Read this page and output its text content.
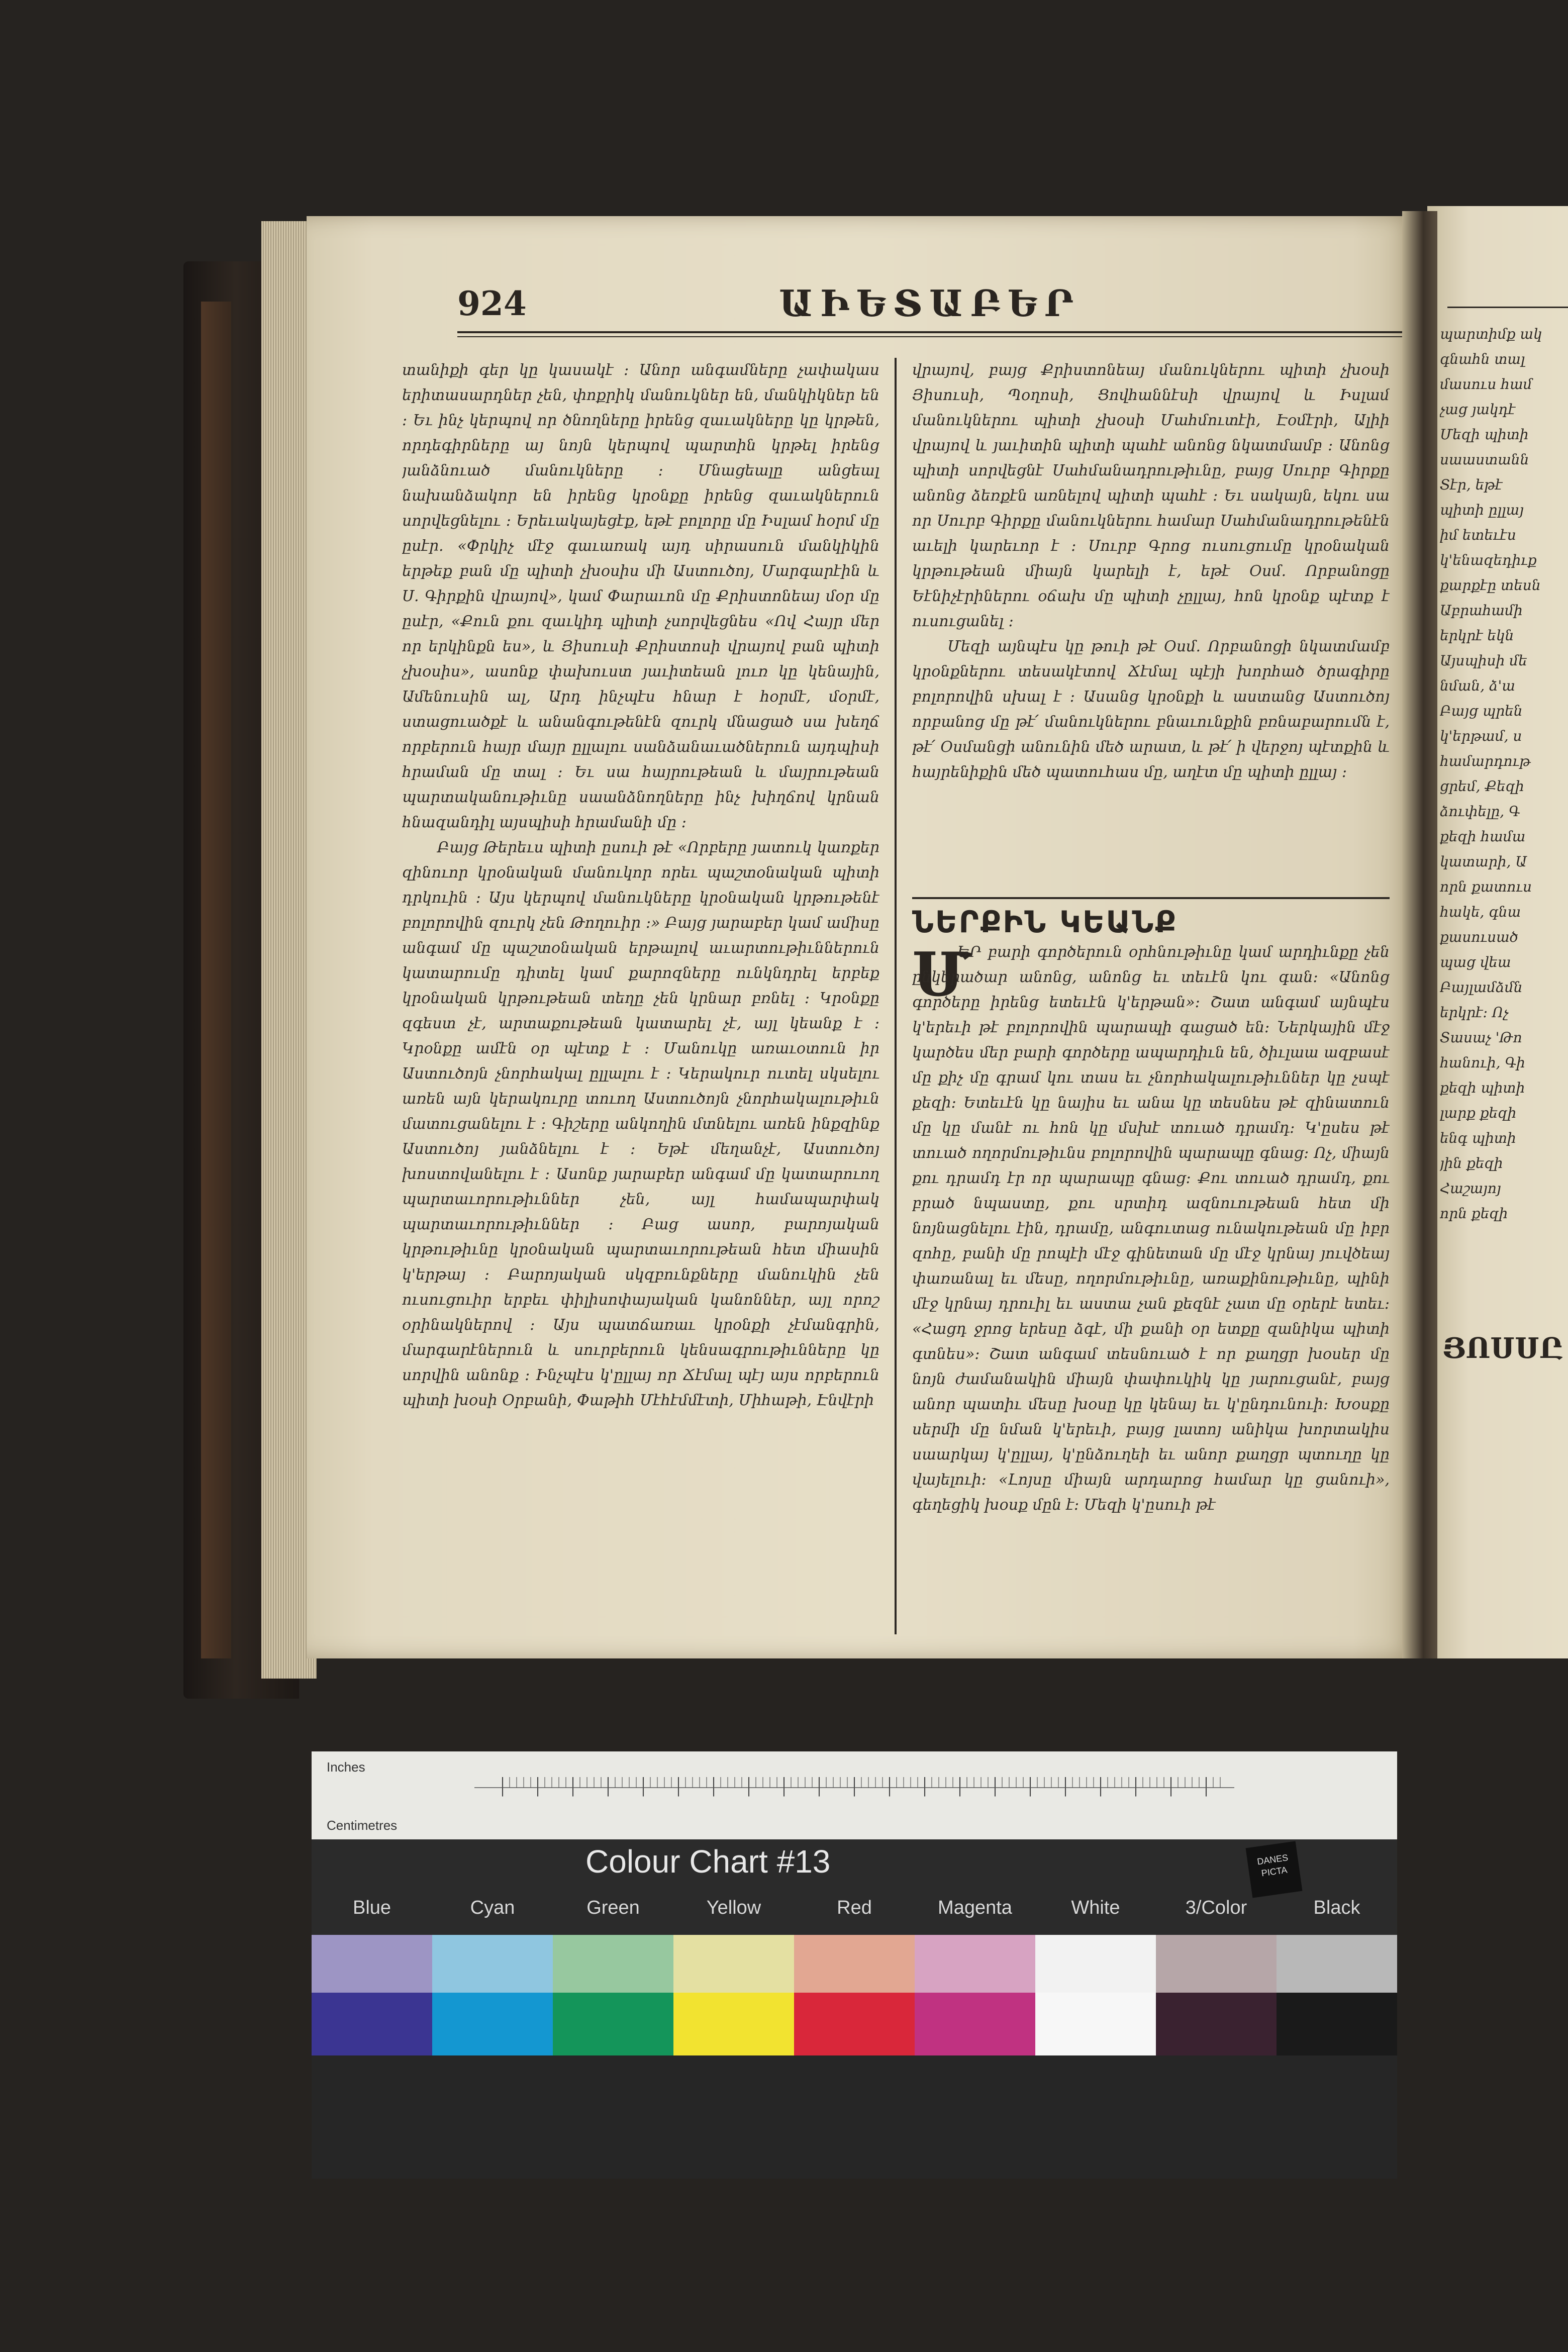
924	ԱԻԵՏԱԲԵՐ

տանիքի գեր կը կասակէ : Անոր անգամները չափակաս երիտասարդներ չեն, փոքրիկ մանուկներ են, մանկիկներ են : Եւ ինչ կերպով որ ծնողները իրենց զաւակները կը կրթեն, որդեգիրները այ նոյն կերպով պարտին կրթել իրենց յանձնուած մանուկները : Մնացեալը անցեալ նախանձակոր են իրենց կրօնքը իրենց զաւակներուն սորվեցնելու : Երեւակայեցէք, եթէ բոլորը մը Իսլամ հօրմ մը ըսէր. «Փրկիչ մէջ գաւառակ այդ սիրասուն մանկիկին երթեք բան մը պիտի չխօսիս մի Աստուծոյ, Մարգարէին և Ս. Գիրքին վրայով», կամ Փարաւոն մը Քրիստոնեայ մօր մը ըսէր, «Քուն քու զաւկիդ պիտի չսորվեցնես «Ով Հայր մեր որ երկինքն ես», և Յիսուսի Քրիստոսի վրայով բան պիտի չխօսիս», ասոնք փախուստ յաւիտեան լուռ կը կենային, Ամենուսին ալ, Արդ ինչպէս հնար է հօրմէ, մօրմէ, ստացուածքէ և անանգութենէն զուրկ մնացած սա խեղճ որբերուն հայր մայր ըլլալու սանձանաւածներուն այդպիսի հրաման մը տալ : Եւ սա հայրութեան և մայրութեան պարտականութիւնը սաանձնողները ինչ խիղճով կրնան հնազանդիլ այսպիսի հրամանի մը :

Բայց Թերեւս պիտի ըսուի թէ «Որբերը յատուկ կառքեր զինուոր կրօնական մանուկոր որեւ պաշտօնական պիտի դրկուին : Այս կերպով մանուկները կրօնական կրթութենէ բոլորովին զուրկ չեն Թողուիր :» Բայց յարաբեր կամ ամիսը անգամ մը պաշտօնական երթալով աւարտութիւններուն կատարումը դիտել կամ քարոզները ունկնդրել երբեք կրօնական կրթութեան տեղը չեն կրնար բռնել : Կրօնքը զգեստ չէ, արտաքութեան կատարել չէ, այլ կեանք է : Կրօնքը ամէն օր պէտք է : Մանուկը առաւօտուն իր Աստուծոյն չնորհակալ ըլլալու է : Կերակուր ուտել սկսելու առեն այն կերակուրը տուող Աստուծոյն չնորհակալութիւն մատուցանելու է : Գիշերը անկողին մտնելու առեն ինքզինք Աստուծոյ յանձնելու է : Եթէ մեղանչէ, Աստուծոյ խոստովանելու է : Ասոնք յարաբեր անգամ մը կատարուող պարտաւորութիւններ չեն, այլ համապարփակ պարտաւորութիւններ : Բաց ասոր, բարոյական կրթութիւնը կրօնական պարտաւորութեան հետ միասին կ'երթայ : Բարոյական սկզբունքները մանուկին չեն ուսուցուիր երբեւ փիլիսոփայական կանոններ, այլ որոշ օրինակներով : Այս պատճառաւ կրօնքի չէմանգրին, մարգարէներուն և սուրբերուն կենսագրութիւնները կը սորվին անոնք : Ինչպէս կ'ըլլայ որ Ճէմալ պէյ այս որբերուն պիտի խօսի Օրբանի, Փաթիհ Մէհէմմէտի, Միհաթի, Էնվէրի

վրայով, բայց Քրիստոնեայ մանուկներու պիտի չխօսի Յիսուսի, Պօղոսի, Ցովհաննէսի վրայով և Իսլամ մանուկներու պիտի չխօսի Մահմուտէի, Էօմէրի, Ալիի վրայով և յաւիտին պիտի պահէ անոնց նկատմամբ : Անոնց պիտի սորվեցնէ Սահմանադրութիւնը, բայց Սուրբ Գիրքը անոնց ձեռքէն առնելով պիտի պահէ : Եւ սակայն, եկու սա որ Սուրբ Գիրքը մանուկներու համար Սահմանադրութենէն աւելի կարեւոր է : Սուրբ Գրոց ուսուցումը կրօնական կրթութեան միայն կարելի է, եթէ Օսմ. Որբանոցը Եէնիչէրիներու օճախ մը պիտի չըլլայ, հոն կրօնք պէտք է ուսուցանել :

Մեզի այնպէս կը թուի թէ Օսմ. Որբանոցի նկատմամբ կրօնքներու տեսակէտով Ճէմալ պէյի խորհած ծրագիրը բոլորովին սխալ է : Ասանց կրօնքի և աստանց Աստուծոյ որբանոց մը թէ՛ մանուկներու բնաւունքին բռնաբարումն է, թէ՛ Օսմանցի անունին մեծ արատ, և թէ՛ ի վերջոյ պէտքին և հայրենիքին մեծ պատուհաս մը, աղէտ մը պիտի ըլլայ :

ՆԵՐՔԻՆ ԿԵԱՆՔ
Մ

ԵՐ բարի գործերուն օրհնութիւնը կամ արդիւնքը չեն ընկերածար անոնց, անոնց եւ տեւէն կու գան: «Անոնց գործերը իրենց ետեւէն կ'երթան»: Շատ անգամ այնպէս կ'երեւի թէ բոլորովին պարապի գացած են: Ներկային մէջ կարծես մեր բարի գործերը ապարդիւն են, ծիւլաա ազբասէ մը քիչ մը գրամ կու տաս եւ չնորհակալութիւններ կը չսպէ քեզի: Ետեւէն կը նայիս եւ անա կը տեսնես թէ զինատուն մը կը մանէ ու հոն կը մսխէ տուած դրամդ: Կ'ըսես թէ տուած ողորմութիւնս բոլորովին պարապը գնաց: Ոչ, միայն քու դրամդ էր որ պարապը գնաց: Քու տուած դրամդ, քու բրած նպաստը, քու սրտիդ ազնուութեան հետ մի նոյնացնելու էին, դրամը, անգուտաց ունակութեան մը իբր զոհը, բանի մը րոպէի մէջ գինետան մը մէջ կրնայ յուվծեայ փառանալ եւ մեսը, ողորմութիւնը, առաքինութիւնը, պինի մէջ կրնայ դրուիլ եւ աստա չան քեզնէ չատ մը օրերէ ետեւ: «Հացդ ջրոց երեսը ձգէ, մի քանի օր ետքը զանիկա պիտի գտնես»: Շատ անգամ տեսնուած է որ քաղցր խօսեր մը նոյն ժամանակին միայն փափուկիկ կը յարուցանէ, բայց անոր պատիւ մեսը խօսը կը կենայ եւ կ'ընդունուի: Խօսքը սերմի մը նման կ'երեւի, բայց լատոյ անիկա խորտակիս սաարկայ կ'ըլլայ, կ'ընձուղեի եւ անոր քաղցր պտուղը կը վայելուի: «Լոյսը միայն արդարոց համար կը ցանուի», գեղեցիկ խօսք մըն է: Մեզի կ'ըսուի թէ

պարտիմք ակ
գնահն տալ
մասուս համ
չաց յակդէ
Մեզի պիտի
սաաստանն
Տէր, եթէ
պիտի ըլլայ
իմ ետեւէս
կ'ենազեդիւք
քարքէը տեսն
Աբրահամի
երկրէ եկն
Այսպիսի մե
նման, ձ'ա
Բայց պրեն
կ'երթամ, ս
համարդութ
ցրեմ, Քեզի
ձուփելը, Գ
քեզի համա
կատարի, Ա
որն քատուս
հակե, գնա
քասուսած
պաց վեա
Բայլամձմն
երկրէ: Ոչ
Տասաչ 'Թո
հանուի, Գի
քեզի պիտի
լարք քեզի
ենգ պիտի
յին քեզի
Հաշայոյ
որն քեզի
ՅՈՍՍԸ
Inches
Centimetres
Colour Chart #13	DANES PICTA
Blue	Cyan	Green	Yellow	Red	Magenta	White	3/Color	Black
